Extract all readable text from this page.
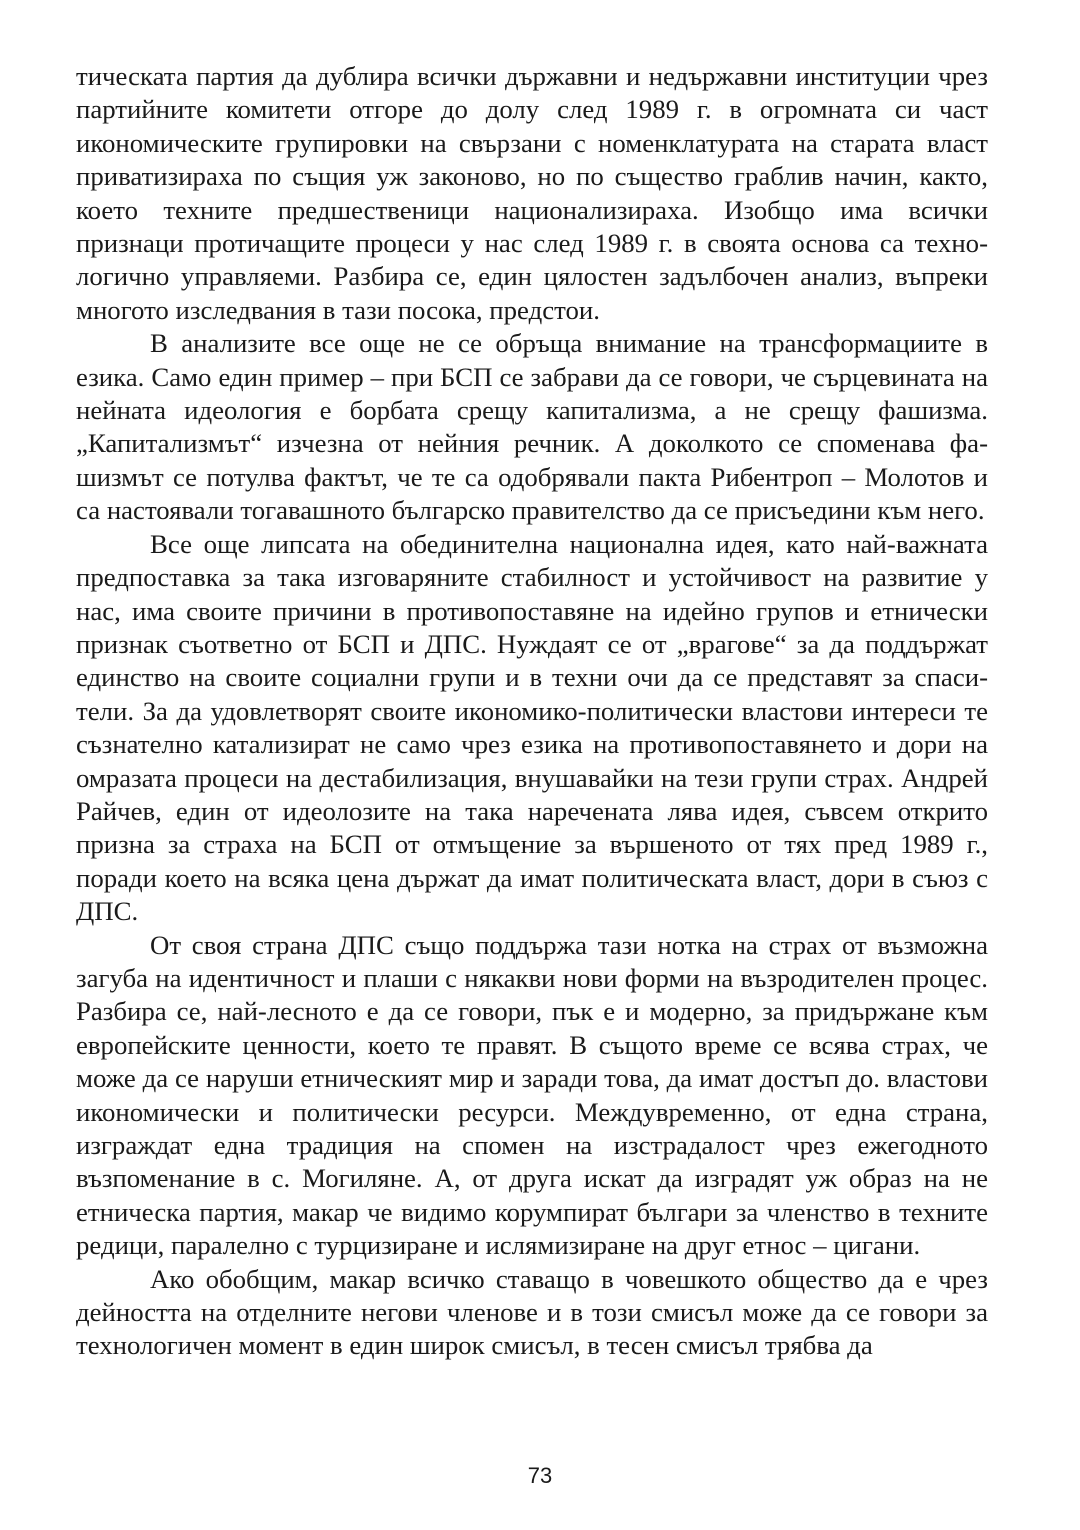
тическата партия да дублира всички държавни и недържавни институции чрез партийните комитети отгоре до долу след 1989 г. в огромната си част икономическите групировки на свързани с номенклатурата на старата власт приватизираха по същия уж законово, но по същество граблив начин, както, което техните предшественици национализираха. Изобщо има всички признаци протичащите процеси у нас след 1989 г. в своята основа са технологично управляеми. Разбира се, един цялостен задълбочен анализ, въпреки многото изследвания в тази посока, предстои.

В анализите все още не се обръща внимание на трансформациите в езика. Само един пример – при БСП се забрави да се говори, че сърцевината на нейната идеология е борбата срещу капитализма, а не срещу фашизма. „Капитализмът“ изчезна от нейния речник. А доколкото се споменава фашизмът се потулва фактът, че те са одобрявали пакта Рибентроп – Молотов и са настоявали тогавашното българско правителство да се присъедини към него.

Все още липсата на обединителна национална идея, като най-важната предпоставка за така изговаряните стабилност и устойчивост на развитие у нас, има своите причини в противопоставяне на идейно групов и етнически признак съответно от БСП и ДПС. Нуждаят се от „врагове“ за да поддържат единство на своите социални групи и в техни очи да се представят за спасители. За да удовлетворят своите икономико-политически властови интереси те съзнателно катализират не само чрез езика на противопоставянето и дори на омразата процеси на дестабилизация, внушавайки на тези групи страх. Андрей Райчев, един от идеолозите на така наречената лява идея, съвсем открито призна за страха на БСП от отмъщение за вършеното от тях пред 1989 г., поради което на всяка цена държат да имат политическата власт, дори в съюз с ДПС.

От своя страна ДПС също поддържа тази нотка на страх от възможна загуба на идентичност и плаши с някакви нови форми на възродителен процес. Разбира се, най-лесното е да се говори, пък е и модерно, за придържане към европейските ценности, което те правят. В същото време се всява страх, че може да се наруши етническият мир и заради това, да имат достъп до. властови икономически и политически ресурси. Междувременно, от една страна, изграждат една традиция на спомен на изстрадалост чрез ежегодното възпоменание в с. Могиляне. А, от друга искат да изградят уж образ на не етническа партия, макар че видимо корумпират българи за членство в техните редици, паралелно с турцизиране и ислямизиране на друг етнос – цигани.

Ако обобщим, макар всичко ставащо в човешкото общество да е чрез дейността на отделните негови членове и в този смисъл може да се говори за технологичен момент в един широк смисъл, в тесен смисъл трябва да

73
